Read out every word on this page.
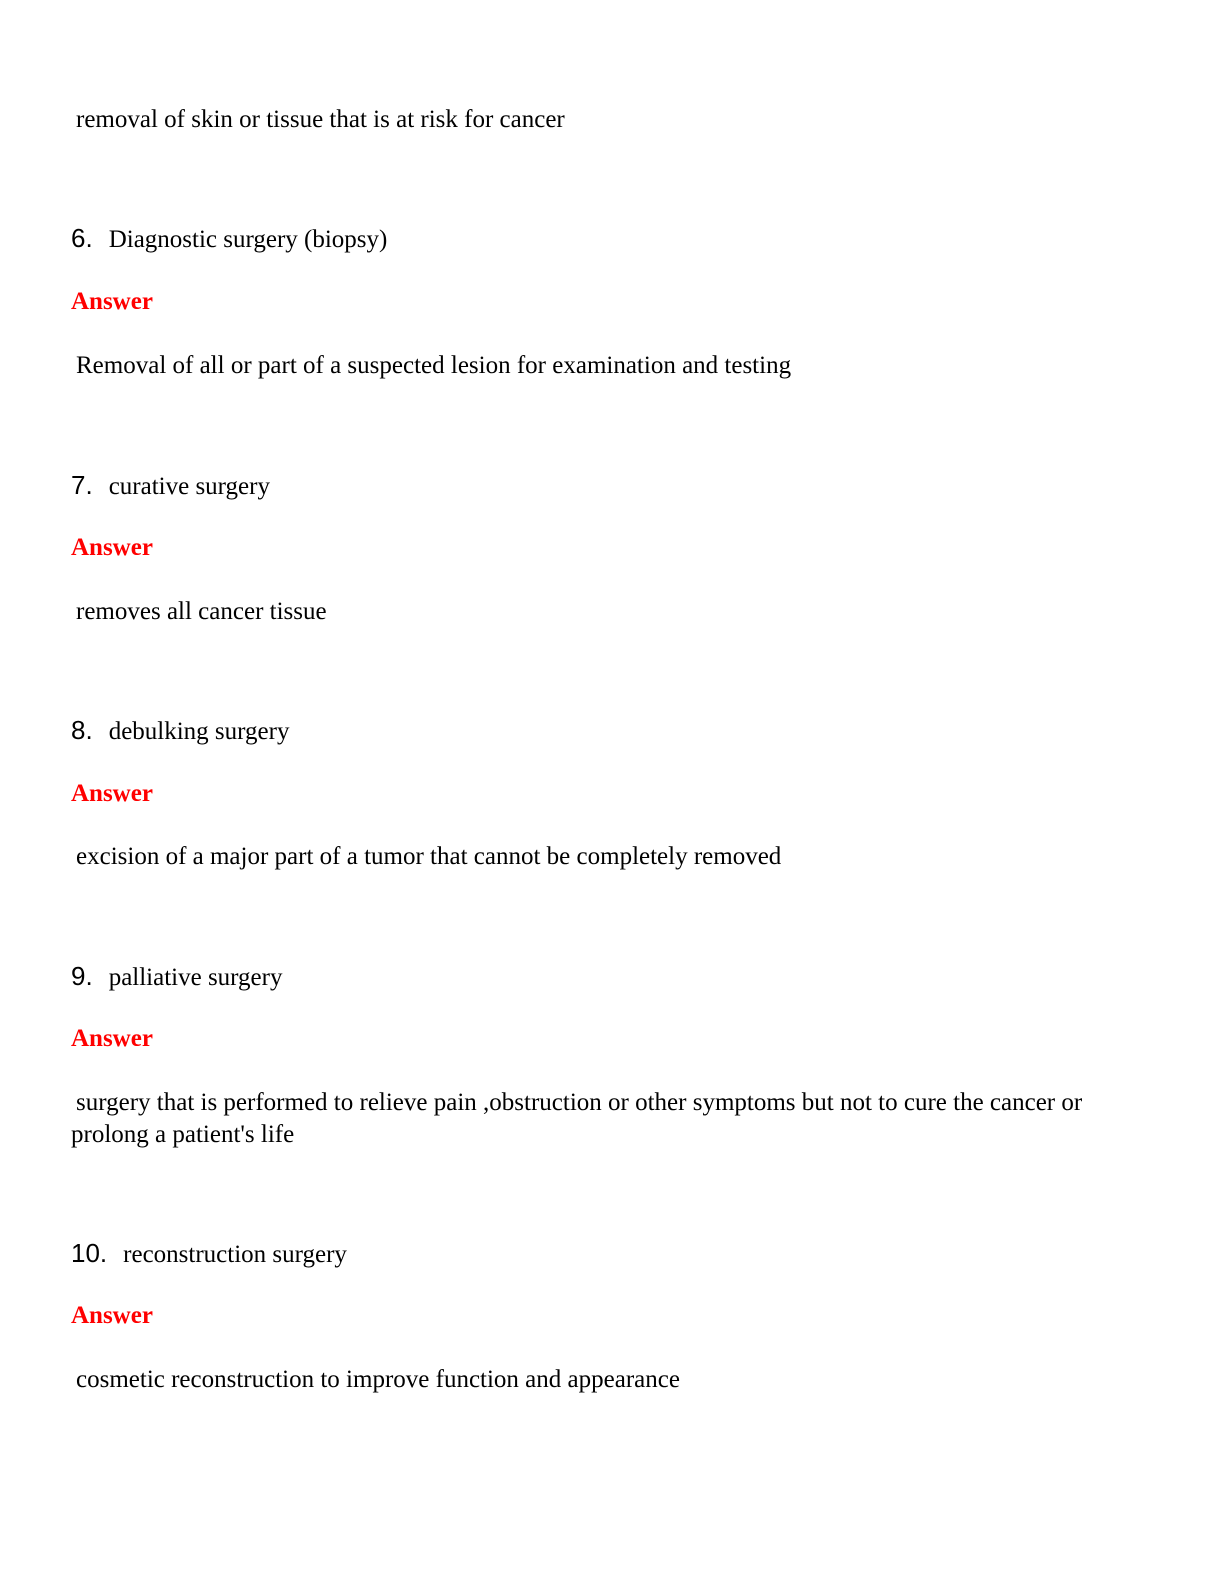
removal of skin or tissue that is at risk for cancer
6. Diagnostic surgery (biopsy)
Answer
Removal of all or part of a suspected lesion for examination and testing
7. curative surgery
Answer
removes all cancer tissue
8. debulking surgery
Answer
excision of a major part of a tumor that cannot be completely removed
9. palliative surgery
Answer
surgery that is performed to relieve pain ,obstruction or other symptoms but not to cure the cancer or prolong a patient's life
10. reconstruction surgery
Answer
cosmetic reconstruction to improve function and appearance
